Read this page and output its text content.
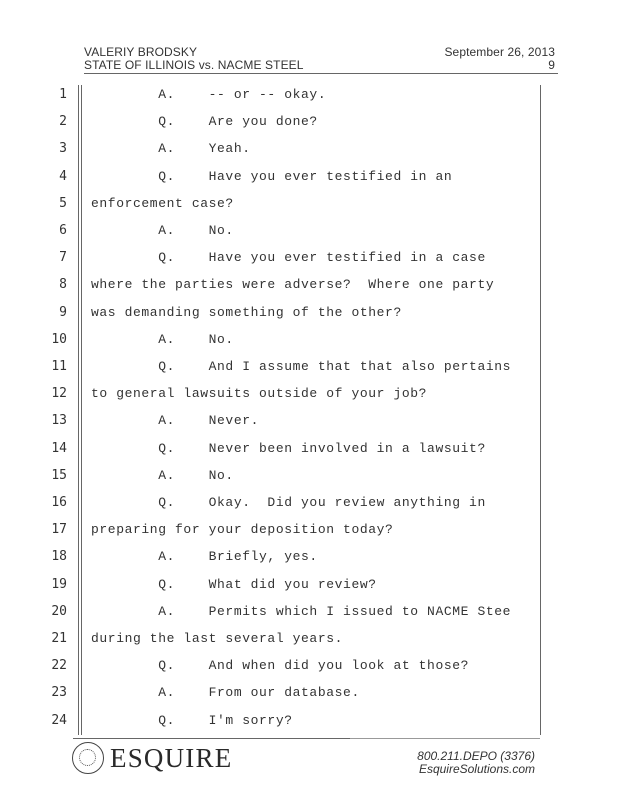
VALERIY BRODSKY
STATE OF ILLINOIS vs. NACME STEEL
September 26, 2013
9
1 A.    -- or -- okay.
2 Q.    Are you done?
3 A.    Yeah.
4 Q.    Have you ever testified in an
5 enforcement case?
6 A.    No.
7 Q.    Have you ever testified in a case
8 where the parties were adverse?  Where one party
9 was demanding something of the other?
10 A.    No.
11 Q.    And I assume that that also pertains
12 to general lawsuits outside of your job?
13 A.    Never.
14 Q.    Never been involved in a lawsuit?
15 A.    No.
16 Q.    Okay.  Did you review anything in
17 preparing for your deposition today?
18 A.    Briefly, yes.
19 Q.    What did you review?
20 A.    Permits which I issued to NACME Stee
21 during the last several years.
22 Q.    And when did you look at those?
23 A.    From our database.
24 Q.    I'm sorry?
ESQUIRE	800.211.DEPO (3376)
EsquireSolutions.com
